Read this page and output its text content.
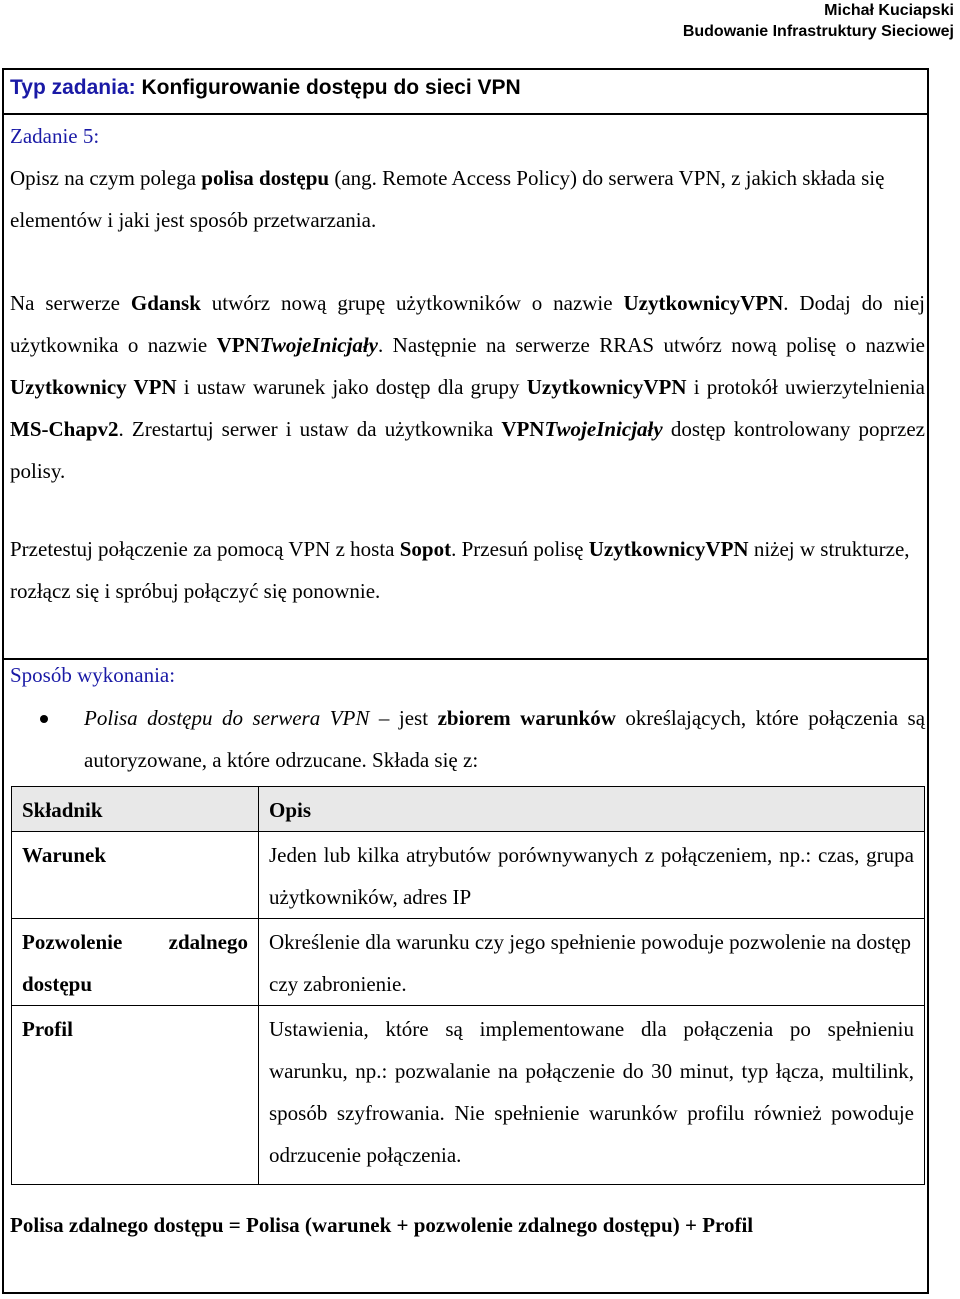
Michał Kuciapski
Budowanie Infrastruktury Sieciowej
Typ zadania: Konfigurowanie dostępu do sieci VPN
Zadanie 5:
Opisz na czym polega polisa dostępu (ang. Remote Access Policy) do serwera VPN, z jakich składa się elementów i jaki jest sposób przetwarzania.
Na serwerze Gdansk utwórz nową grupę użytkowników o nazwie UzytkownicyVPN. Dodaj do niej użytkownika o nazwie VPNTwojeInicjały. Następnie na serwerze RRAS utwórz nową polisę o nazwie Uzytkownicy VPN i ustaw warunek jako dostęp dla grupy UzytkownicyVPN i protokół uwierzytelnienia MS-Chapv2. Zrestartuj serwer i ustaw da użytkownika VPNTwojeInicjały dostęp kontrolowany poprzez polisy.
Przetestuj połączenie za pomocą VPN z hosta Sopot. Przesuń polisę UzytkownicyVPN niżej w strukturze, rozłącz się i spróbuj połączyć się ponownie.
Sposób wykonania:
Polisa dostępu do serwera VPN – jest zbiorem warunków określających, które połączenia są autoryzowane, a które odrzucane. Składa się z:
Składnik	Opis
Warunek	Jeden lub kilka atrybutów porównywanych z połączeniem, np.: czas, grupa użytkowników, adres IP
Pozwolenie zdalnego dostępu	Określenie dla warunku czy jego spełnienie powoduje pozwolenie na dostęp czy zabronienie.
Profil	Ustawienia, które są implementowane dla połączenia po spełnieniu warunku, np.: pozwalanie na połączenie do 30 minut, typ łącza, multilink, sposób szyfrowania. Nie spełnienie warunków profilu również powoduje odrzucenie połączenia.
Polisa zdalnego dostępu = Polisa (warunek + pozwolenie zdalnego dostępu) + Profil
